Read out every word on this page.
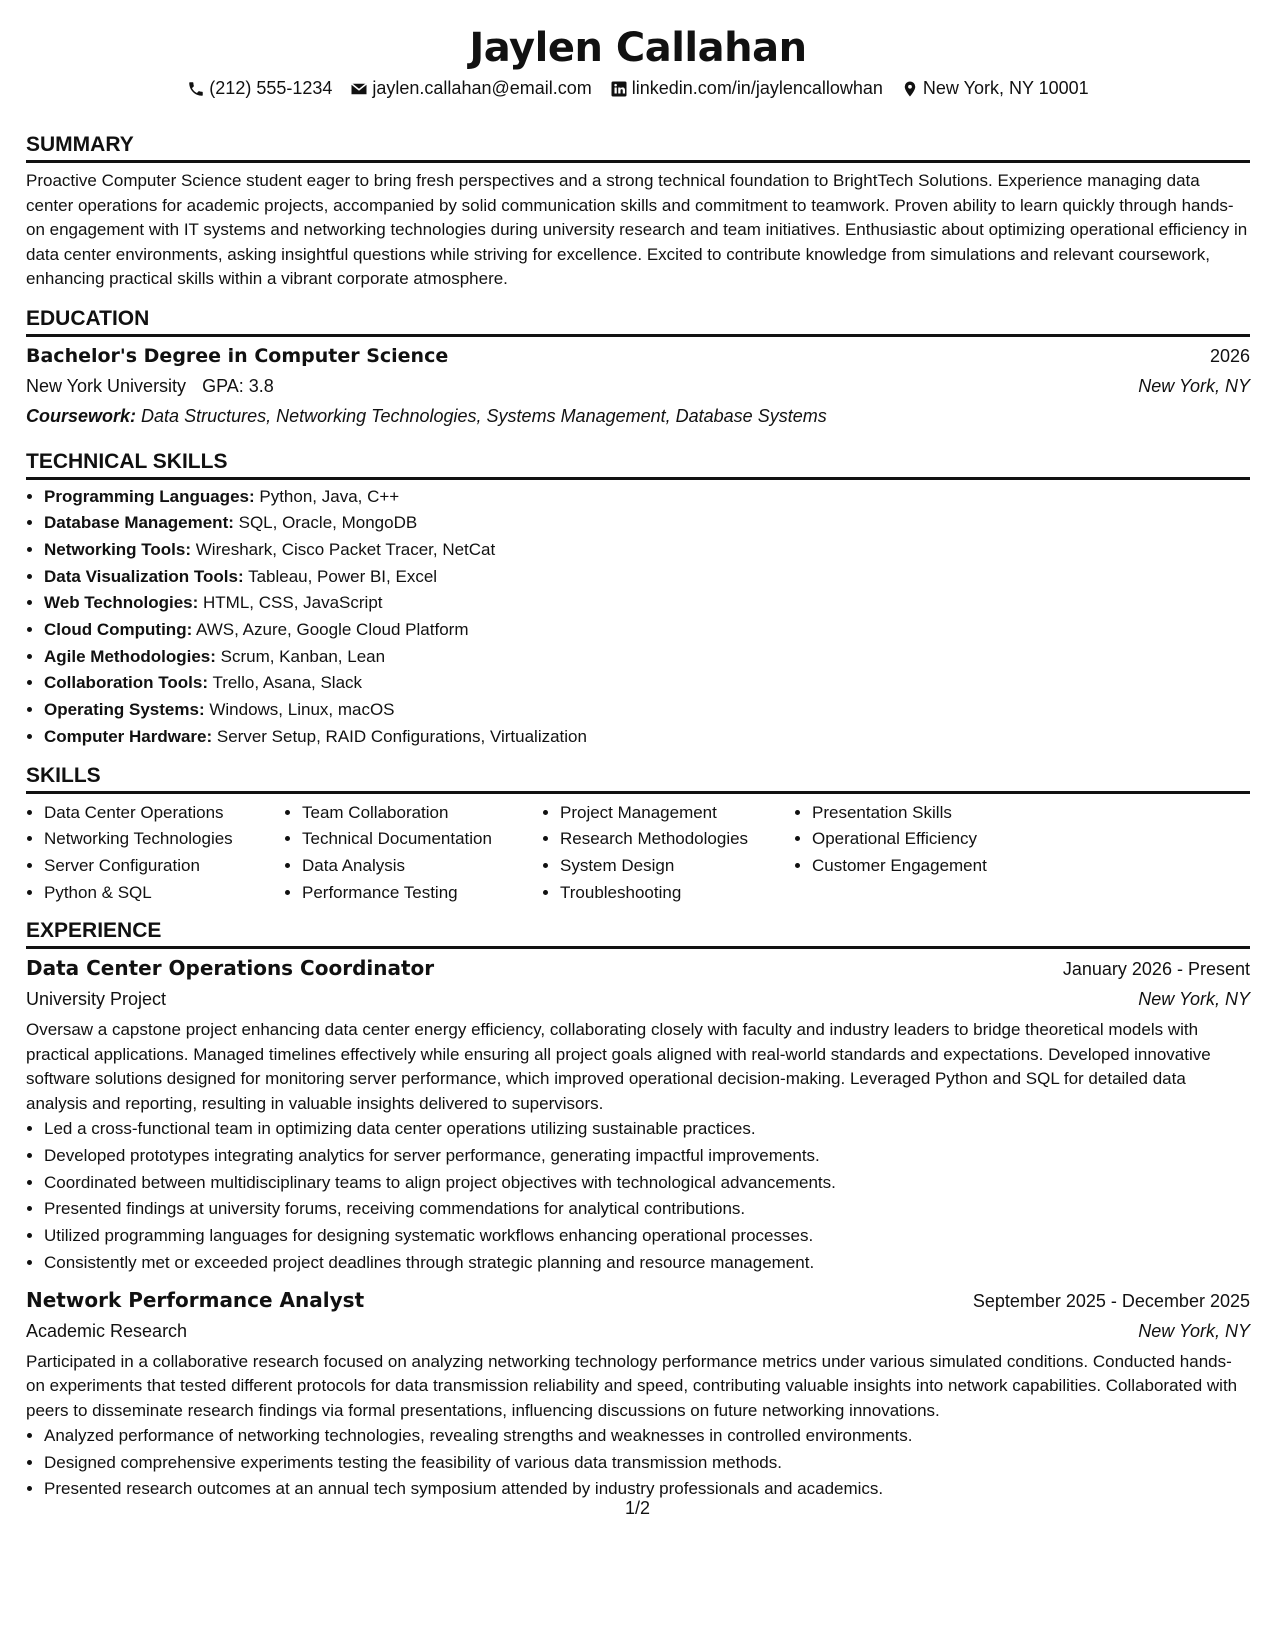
Jaylen Callahan
(212) 555-1234 jaylen.callahan@email.com linkedin.com/in/jaylencallowhan New York, NY 10001
SUMMARY

Proactive Computer Science student eager to bring fresh perspectives and a strong technical foundation to BrightTech Solutions. Experience managing data center operations for academic projects, accompanied by solid communication skills and commitment to teamwork. Proven ability to learn quickly through hands-on engagement with IT systems and networking technologies during university research and team initiatives. Enthusiastic about optimizing operational efficiency in data center environments, asking insightful questions while striving for excellence. Excited to contribute knowledge from simulations and relevant coursework, enhancing practical skills within a vibrant corporate atmosphere.

EDUCATION
Bachelor's Degree in Computer Science	2026
New York University GPA: 3.8	New York, NY
Coursework: Data Structures, Networking Technologies, Systems Management, Database Systems
TECHNICAL SKILLS
• Programming Languages: Python, Java, C++
• Database Management: SQL, Oracle, MongoDB
• Networking Tools: Wireshark, Cisco Packet Tracer, NetCat
• Data Visualization Tools: Tableau, Power BI, Excel
• Web Technologies: HTML, CSS, JavaScript
• Cloud Computing: AWS, Azure, Google Cloud Platform
• Agile Methodologies: Scrum, Kanban, Lean
• Collaboration Tools: Trello, Asana, Slack
• Operating Systems: Windows, Linux, macOS
• Computer Hardware: Server Setup, RAID Configurations, Virtualization
SKILLS
• Data Center Operations
• Networking Technologies
• Server Configuration
• Python & SQL
• Team Collaboration
• Technical Documentation
• Data Analysis
• Performance Testing
• Project Management
• Research Methodologies
• System Design
• Troubleshooting
• Presentation Skills
• Operational Efficiency
• Customer Engagement
EXPERIENCE
Data Center Operations Coordinator	January 2026 - Present
University Project	New York, NY

Oversaw a capstone project enhancing data center energy efficiency, collaborating closely with faculty and industry leaders to bridge theoretical models with practical applications. Managed timelines effectively while ensuring all project goals aligned with real-world standards and expectations. Developed innovative software solutions designed for monitoring server performance, which improved operational decision-making. Leveraged Python and SQL for detailed data analysis and reporting, resulting in valuable insights delivered to supervisors.

• Led a cross-functional team in optimizing data center operations utilizing sustainable practices.
• Developed prototypes integrating analytics for server performance, generating impactful improvements.
• Coordinated between multidisciplinary teams to align project objectives with technological advancements.
• Presented findings at university forums, receiving commendations for analytical contributions.
• Utilized programming languages for designing systematic workflows enhancing operational processes.
• Consistently met or exceeded project deadlines through strategic planning and resource management.
Network Performance Analyst	September 2025 - December 2025
Academic Research	New York, NY

Participated in a collaborative research focused on analyzing networking technology performance metrics under various simulated conditions. Conducted hands-on experiments that tested different protocols for data transmission reliability and speed, contributing valuable insights into network capabilities. Collaborated with peers to disseminate research findings via formal presentations, influencing discussions on future networking innovations.

• Analyzed performance of networking technologies, revealing strengths and weaknesses in controlled environments.
• Designed comprehensive experiments testing the feasibility of various data transmission methods.
• Presented research outcomes at an annual tech symposium attended by industry professionals and academics.
1/2
